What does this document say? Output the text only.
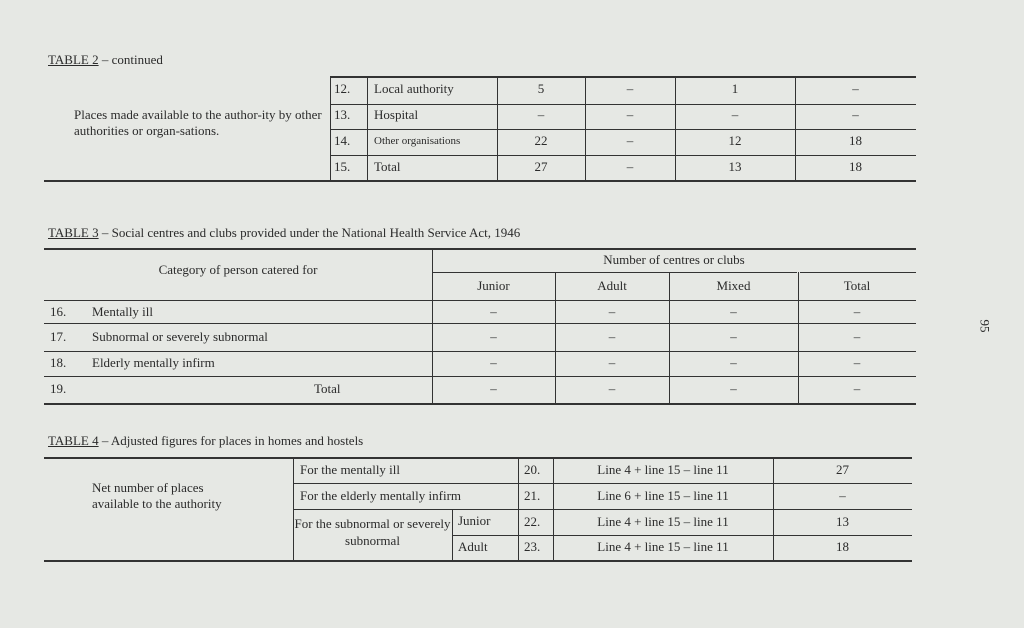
TABLE 2 – continued
Places made available to the author-ity by other authorities or organ-sations.
12. Local authority	5	–	1	–
13. Hospital	–	–	–	–
14. Other organisations	22	–	12	18
15. Total	27	–	13	18
TABLE 3 – Social centres and clubs provided under the National Health Service Act, 1946
Category of person catered for
Number of centres or clubs
Junior	Adult	Mixed	Total
16. Mentally ill	–	–	–	–
17. Subnormal or severely subnormal	–	–	–	–
18. Elderly mentally infirm	–	–	–	–
19.	Total	–	–	–	–
TABLE 4 – Adjusted figures for places in homes and hostels
Net number of places available to the authority
For the mentally ill	20.	Line 4 + line 15 – line 11	27
For the elderly mentally infirm	21.	Line 6 + line 15 – line 11	–
For the subnormal or severely subnormal
Junior	22.	Line 4 + line 15 – line 11	13
Adult	23.	Line 4 + line 15 – line 11	18
95
